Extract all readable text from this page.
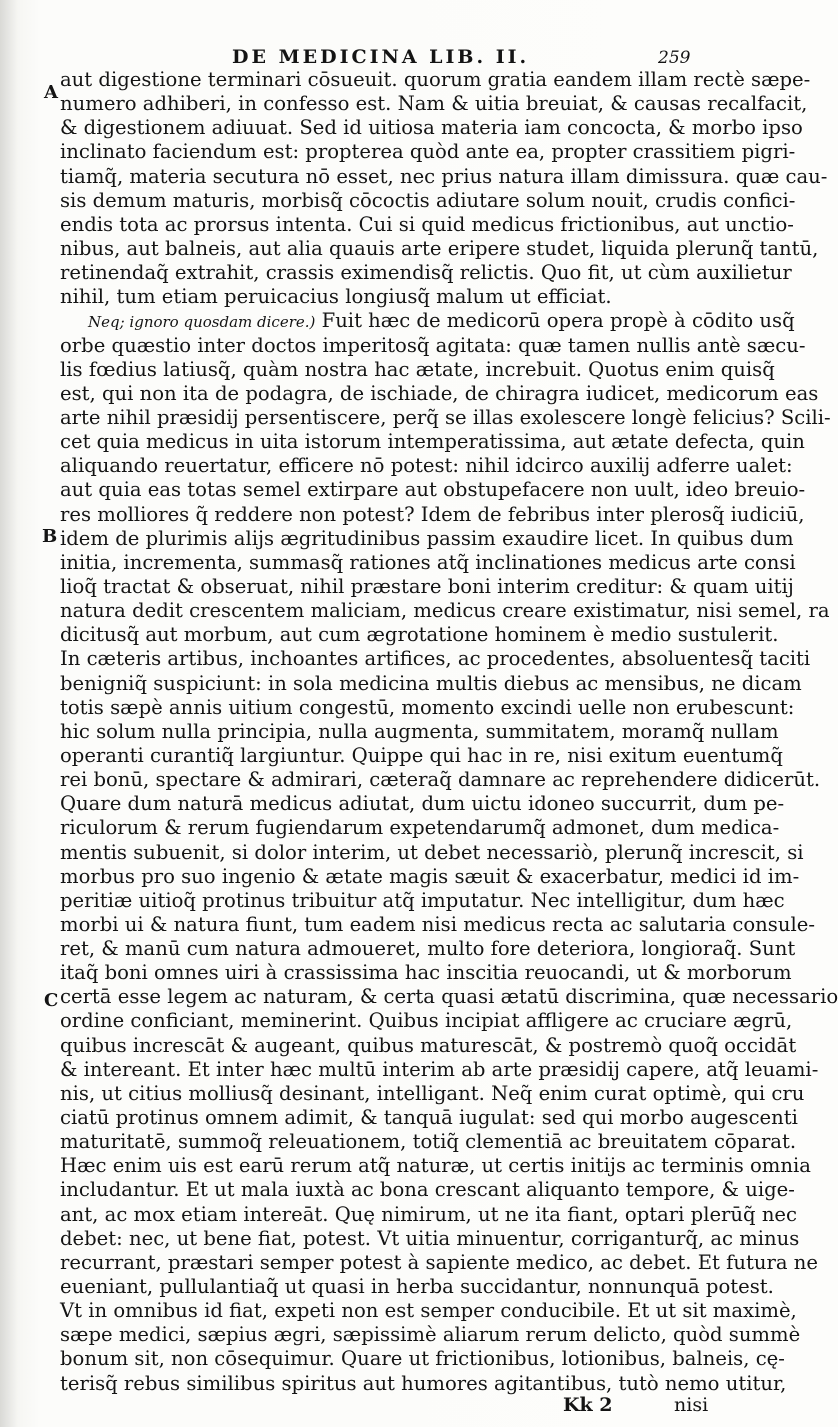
DE MEDICINA LIB. II.	259
A
B
C
aut digestione terminari cōsueuit. quorum gratia eandem illam rectè sæpe-
numero adhiberi, in confesso est. Nam & uitia breuiat, & causas recalfacit,
& digestionem adiuuat. Sed id uitiosa materia iam concocta, & morbo ipso
inclinato faciendum est: propterea quòd ante ea, propter crassitiem pigri-
tiamq̃, materia secutura nō esset, nec prius natura illam dimissura. quæ cau-
sis demum maturis, morbisq̃ cōcoctis adiutare solum nouit, crudis confici-
endis tota ac prorsus intenta. Cui si quid medicus frictionibus, aut unctio-
nibus, aut balneis, aut alia quauis arte eripere studet, liquida plerunq̃ tantū,
retinendaq̃ extrahit, crassis eximendisq̃ relictis. Quo fit, ut cùm auxilietur
nihil, tum etiam peruicacius longiusq̃ malum ut efficiat.
Neq; ignoro quosdam dicere.) Fuit hæc de medicorū opera propè à cōdito usq̃
orbe quæstio inter doctos imperitosq̃ agitata: quæ tamen nullis antè sæcu-
lis fœdius latiusq̃, quàm nostra hac ætate, increbuit. Quotus enim quisq̃
est, qui non ita de podagra, de ischiade, de chiragra iudicet, medicorum eas
arte nihil præsidij persentiscere, perq̃ se illas exolescere longè felicius? Scili-
cet quia medicus in uita istorum intemperatissima, aut ætate defecta, quin
aliquando reuertatur, efficere nō potest: nihil idcirco auxilij adferre ualet:
aut quia eas totas semel extirpare aut obstupefacere non uult, ideo breuio-
res molliores q̃ reddere non potest? Idem de febribus inter plerosq̃ iudiciū,
idem de plurimis alijs ægritudinibus passim exaudire licet. In quibus dum
initia, incrementa, summasq̃ rationes atq̃ inclinationes medicus arte consi
lioq̃ tractat & obseruat, nihil præstare boni interim creditur: & quam uitij
natura dedit crescentem maliciam, medicus creare existimatur, nisi semel, ra
dicitusq̃ aut morbum, aut cum ægrotatione hominem è medio sustulerit.
In cæteris artibus, inchoantes artifices, ac procedentes, absoluentesq̃ taciti
benigniq̃ suspiciunt: in sola medicina multis diebus ac mensibus, ne dicam
totis sæpè annis uitium congestū, momento excindi uelle non erubescunt:
hic solum nulla principia, nulla augmenta, summitatem, moramq̃ nullam
operanti curantiq̃ largiuntur. Quippe qui hac in re, nisi exitum euentumq̃
rei bonū, spectare & admirari, cæteraq̃ damnare ac reprehendere didicerūt.
Quare dum naturā medicus adiutat, dum uictu idoneo succurrit, dum pe-
riculorum & rerum fugiendarum expetendarumq̃ admonet, dum medica-
mentis subuenit, si dolor interim, ut debet necessariò, plerunq̃ increscit, si
morbus pro suo ingenio & ætate magis sæuit & exacerbatur, medici id im-
peritiæ uitioq̃ protinus tribuitur atq̃ imputatur. Nec intelligitur, dum hæc
morbi ui & natura fiunt, tum eadem nisi medicus recta ac salutaria consule-
ret, & manū cum natura admoueret, multo fore deteriora, longioraq̃. Sunt
itaq̃ boni omnes uiri à crassissima hac inscitia reuocandi, ut & morborum
certā esse legem ac naturam, & certa quasi ætatū discrimina, quæ necessario
ordine conficiant, meminerint. Quibus incipiat affligere ac cruciare ægrū,
quibus increscāt & augeant, quibus maturescāt, & postremò quoq̃ occidāt
& intereant. Et inter hæc multū interim ab arte præsidij capere, atq̃ leuami-
nis, ut citius molliusq̃ desinant, intelligant. Neq̃ enim curat optimè, qui cru
ciatū protinus omnem adimit, & tanquā iugulat: sed qui morbo augescenti
maturitatē, summoq̃ releuationem, totiq̃ clementiā ac breuitatem cōparat.
Hæc enim uis est earū rerum atq̃ naturæ, ut certis initijs ac terminis omnia
includantur. Et ut mala iuxtà ac bona crescant aliquanto tempore, & uige-
ant, ac mox etiam intereāt. Quę nimirum, ut ne ita fiant, optari plerūq̃ nec
debet: nec, ut bene fiat, potest. Vt uitia minuentur, corriganturq̃, ac minus
recurrant, præstari semper potest à sapiente medico, ac debet. Et futura ne
eueniant, pullulantiaq̃ ut quasi in herba succidantur, nonnunquā potest.
Vt in omnibus id fiat, expeti non est semper conducibile. Et ut sit maximè,
sæpe medici, sæpius ægri, sæpissimè aliarum rerum delicto, quòd summè
bonum sit, non cōsequimur. Quare ut frictionibus, lotionibus, balneis, cę-
terisq̃ rebus similibus spiritus aut humores agitantibus, tutò nemo utitur,
Kk 2	nisi
